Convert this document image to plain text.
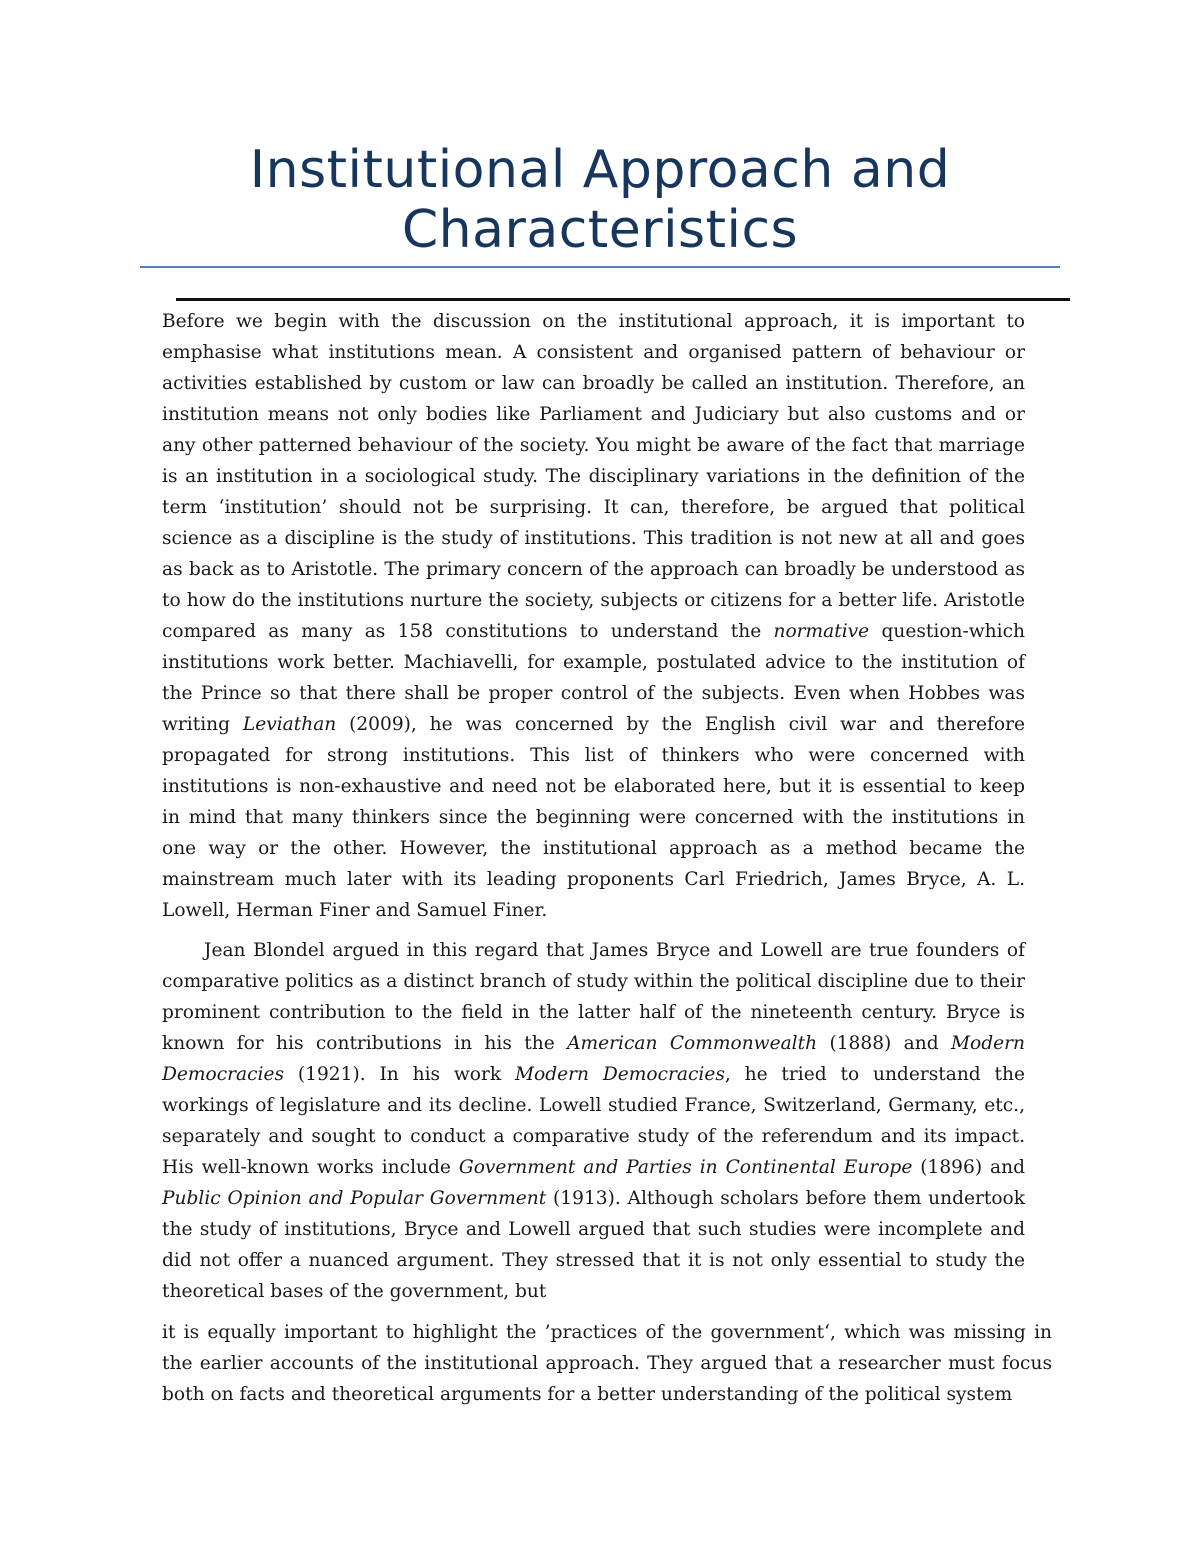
Institutional Approach and
Characteristics

Before we begin with the discussion on the institutional approach, it is important to emphasise what institutions mean. A consistent and organised pattern of behaviour or activities established by custom or law can broadly be called an institution. Therefore, an institution means not only bodies like Parliament and Judiciary but also customs and or any other patterned behaviour of the society. You might be aware of the fact that marriage is an institution in a sociological study. The disciplinary variations in the definition of the term ‘institution’ should not be surprising. It can, therefore, be argued that political science as a discipline is the study of institutions. This tradition is not new at all and goes as back as to Aristotle. The primary concern of the approach can broadly be understood as to how do the institutions nurture the society, subjects or citizens for a better life. Aristotle compared as many as 158 constitutions to understand the normative question-which institutions work better. Machiavelli, for example, postulated advice to the institution of the Prince so that there shall be proper control of the subjects. Even when Hobbes was writing Leviathan (2009), he was concerned by the English civil war and therefore propagated for strong institutions. This list of thinkers who were concerned with institutions is non-exhaustive and need not be elaborated here, but it is essential to keep in mind that many thinkers since the beginning were concerned with the institutions in one way or the other. However, the institutional approach as a method became the mainstream much later with its leading proponents Carl Friedrich, James Bryce, A. L. Lowell, Herman Finer and Samuel Finer.

Jean Blondel argued in this regard that James Bryce and Lowell are true founders of comparative politics as a distinct branch of study within the political discipline due to their prominent contribution to the field in the latter half of the nineteenth century. Bryce is known for his contributions in his the American Commonwealth (1888) and Modern Democracies (1921). In his work Modern Democracies, he tried to understand the workings of legislature and its decline. Lowell studied France, Switzerland, Germany, etc., separately and sought to conduct a comparative study of the referendum and its impact. His well-known works include Government and Parties in Continental Europe (1896) and Public Opinion and Popular Government (1913). Although scholars before them undertook the study of institutions, Bryce and Lowell argued that such studies were incomplete and did not offer a nuanced argument. They stressed that it is not only essential to study the theoretical bases of the government, but

it is equally important to highlight the ’practices of the government‘, which was missing in the earlier accounts of the institutional approach. They argued that a researcher must focus both on facts and theoretical arguments for a better understanding of the political system
